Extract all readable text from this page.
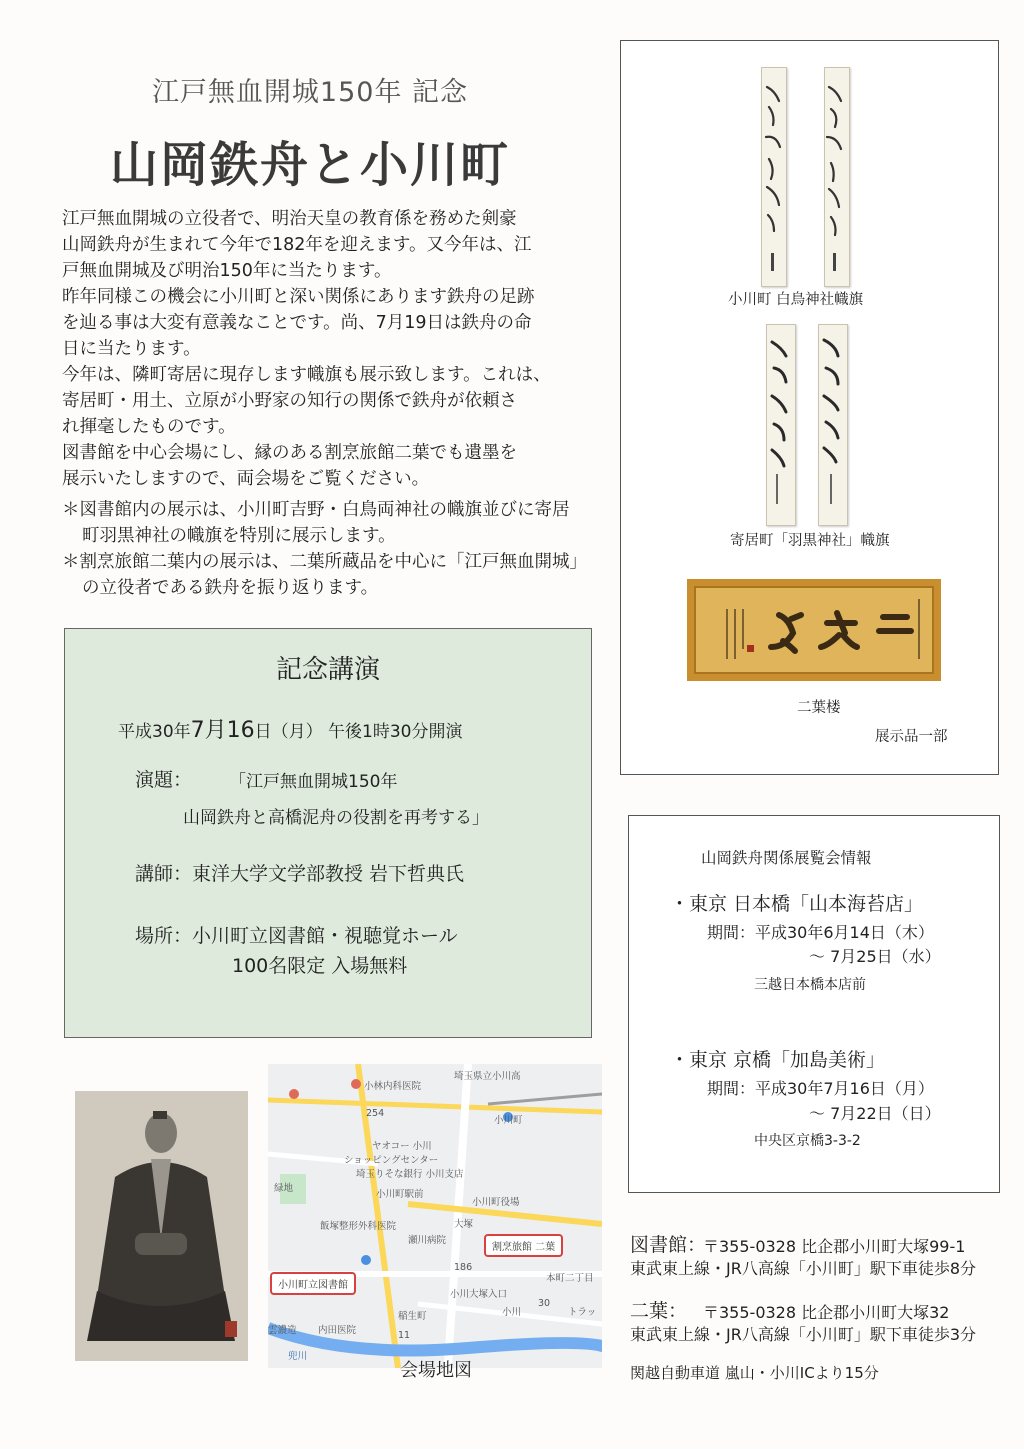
江戸無血開城150年 記念
山岡鉄舟と小川町

江戸無血開城の立役者で、明治天皇の教育係を務めた剣豪

山岡鉄舟が生まれて今年で182年を迎えます。又今年は、江

戸無血開城及び明治150年に当たります。

昨年同様この機会に小川町と深い関係にあります鉄舟の足跡

を辿る事は大変有意義なことです。尚、7月19日は鉄舟の命

日に当たります。

今年は、隣町寄居に現存します幟旗も展示致します。これは、

寄居町・用土、立原が小野家の知行の関係で鉄舟が依頼さ

れ揮毫したものです。

図書館を中心会場にし、縁のある割烹旅館二葉でも遺墨を

展示いたしますので、両会場をご覧ください。

＊図書館内の展示は、小川町吉野・白鳥両神社の幟旗並びに寄居町羽黒神社の幟旗を特別に展示します。

＊割烹旅館二葉内の展示は、二葉所蔵品を中心に「江戸無血開城」の立役者である鉄舟を振り返ります。

記念講演
平成30年7月16日（月） 午後1時30分開演
演題： 「江戸無血開城150年
山岡鉄舟と高橋泥舟の役割を再考する」
講師：東洋大学文学部教授 岩下哲典氏
場所：小川町立図書館・視聴覚ホール
100名限定 入場無料

小川町 白鳥神社幟旗
寄居町「羽黒神社」幟旗
二葉楼
展示品一部
山岡鉄舟関係展覧会情報
・東京 日本橋「山本海苔店」
期間：平成30年6月14日（木）
～ 7月25日（水）
三越日本橋本店前
・東京 京橋「加島美術」
期間：平成30年7月16日（月）
～ 7月22日（日）
中央区京橋3-3-2
埼玉県立小川高
小林内科医院
小川町
ヤオコー 小川
ショッピングセンター
埼玉りそな銀行 小川支店
小川町駅前
小川町役場
飯塚整形外科医院	大塚
瀬川病院
割烹旅館 二葉
小川町立図書館
小川大塚入口
小川
本町二丁目
トラッ
緑地
雲濃造 内田医院
稲生町
兜川
254
186
30
11
会場地図
図書館：
〒355-0328 比企郡小川町大塚99-1
東武東上線・JR八高線「小川町」駅下車徒歩8分
二葉： 〒355-0328 比企郡小川町大塚32
東武東上線・JR八高線「小川町」駅下車徒歩3分
関越自動車道 嵐山・小川ICより15分
